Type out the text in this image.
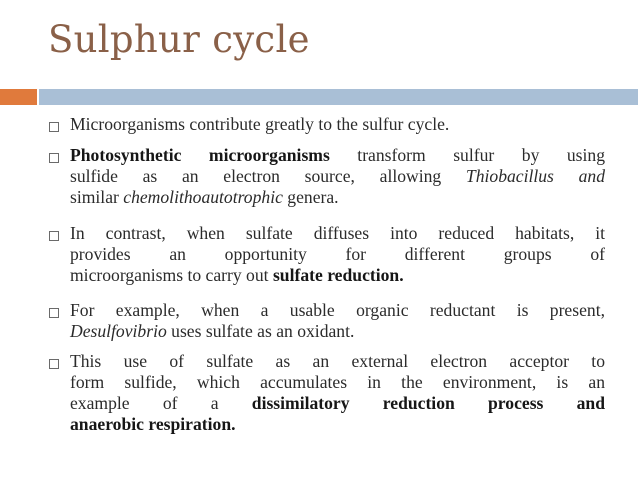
Sulphur cycle
Microorganisms contribute greatly to the sulfur cycle.
Photosynthetic microorganisms transform sulfur by using
sulfide as an electron source, allowing Thiobacillus and
similar chemolithoautotrophic genera.
In contrast, when sulfate diffuses into reduced habitats, it
provides an opportunity for different groups of
microorganisms to carry out sulfate reduction.
For example, when a usable organic reductant is present,
Desulfovibrio uses sulfate as an oxidant.
This use of sulfate as an external electron acceptor to
form sulfide, which accumulates in the environment, is an
example of a dissimilatory reduction process and
anaerobic respiration.
